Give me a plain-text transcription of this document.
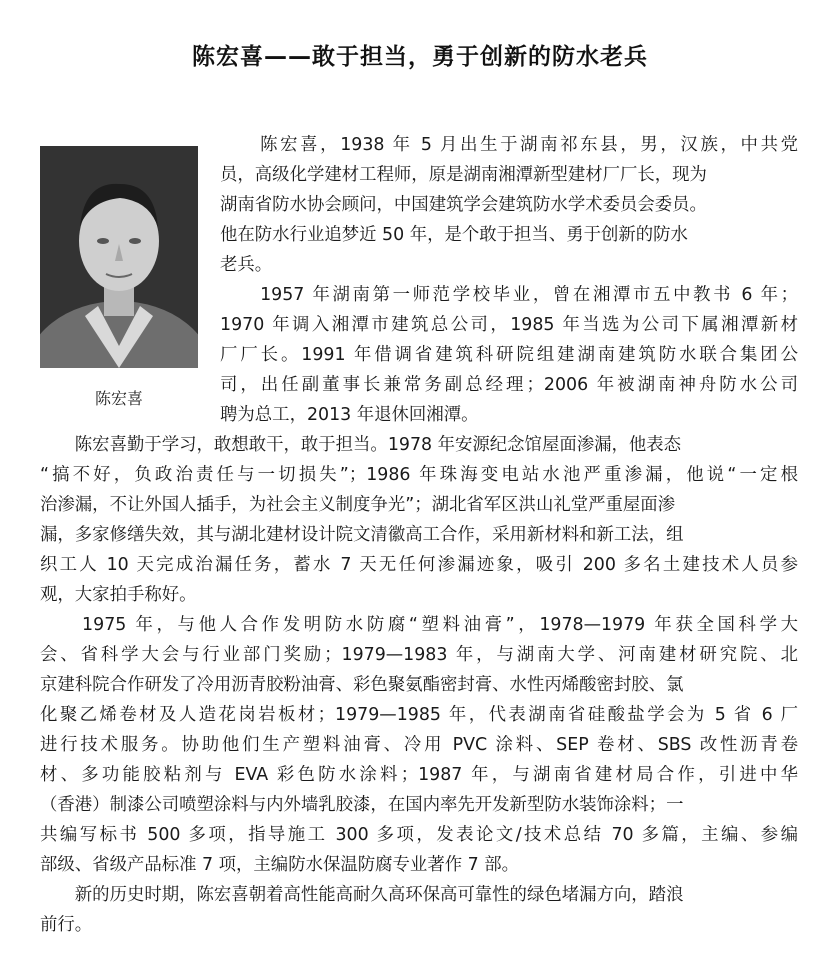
陈宏喜——敢于担当，勇于创新的防水老兵
陈宏喜
　　陈宏喜，1938 年 5 月出生于湖南祁东县，男，汉族，中共党
员，高级化学建材工程师，原是湖南湘潭新型建材厂厂长，现为
湖南省防水协会顾问，中国建筑学会建筑防水学术委员会委员。
他在防水行业追梦近 50 年，是个敢于担当、勇于创新的防水
老兵。
　　1957 年湖南第一师范学校毕业，曾在湘潭市五中教书 6 年；
1970 年调入湘潭市建筑总公司，1985 年当选为公司下属湘潭新材
厂厂长。1991 年借调省建筑科研院组建湖南建筑防水联合集团公
司，出任副董事长兼常务副总经理；2006 年被湖南神舟防水公司
聘为总工，2013 年退休回湘潭。
　　陈宏喜勤于学习，敢想敢干，敢于担当。1978 年安源纪念馆屋面渗漏，他表态
“搞不好，负政治责任与一切损失”；1986 年珠海变电站水池严重渗漏，他说“一定根
治渗漏，不让外国人插手，为社会主义制度争光”；湖北省军区洪山礼堂严重屋面渗
漏，多家修缮失效，其与湖北建材设计院文清徽高工合作，采用新材料和新工法，组
织工人 10 天完成治漏任务，蓄水 7 天无任何渗漏迹象，吸引 200 多名土建技术人员参
观，大家拍手称好。
　　1975 年，与他人合作发明防水防腐“塑料油膏”，1978—1979 年获全国科学大
会、省科学大会与行业部门奖励；1979—1983 年，与湖南大学、河南建材研究院、北
京建科院合作研发了冷用沥青胶粉油膏、彩色聚氨酯密封膏、水性丙烯酸密封胶、氯
化聚乙烯卷材及人造花岗岩板材；1979—1985 年，代表湖南省硅酸盐学会为 5 省 6 厂
进行技术服务。协助他们生产塑料油膏、冷用 PVC 涂料、SEP 卷材、SBS 改性沥青卷
材、多功能胶粘剂与 EVA 彩色防水涂料；1987 年，与湖南省建材局合作，引进中华
（香港）制漆公司喷塑涂料与内外墙乳胶漆，在国内率先开发新型防水装饰涂料；一
共编写标书 500 多项，指导施工 300 多项，发表论文/技术总结 70 多篇，主编、参编
部级、省级产品标准 7 项，主编防水保温防腐专业著作 7 部。
　　新的历史时期，陈宏喜朝着高性能高耐久高环保高可靠性的绿色堵漏方向，踏浪
前行。
